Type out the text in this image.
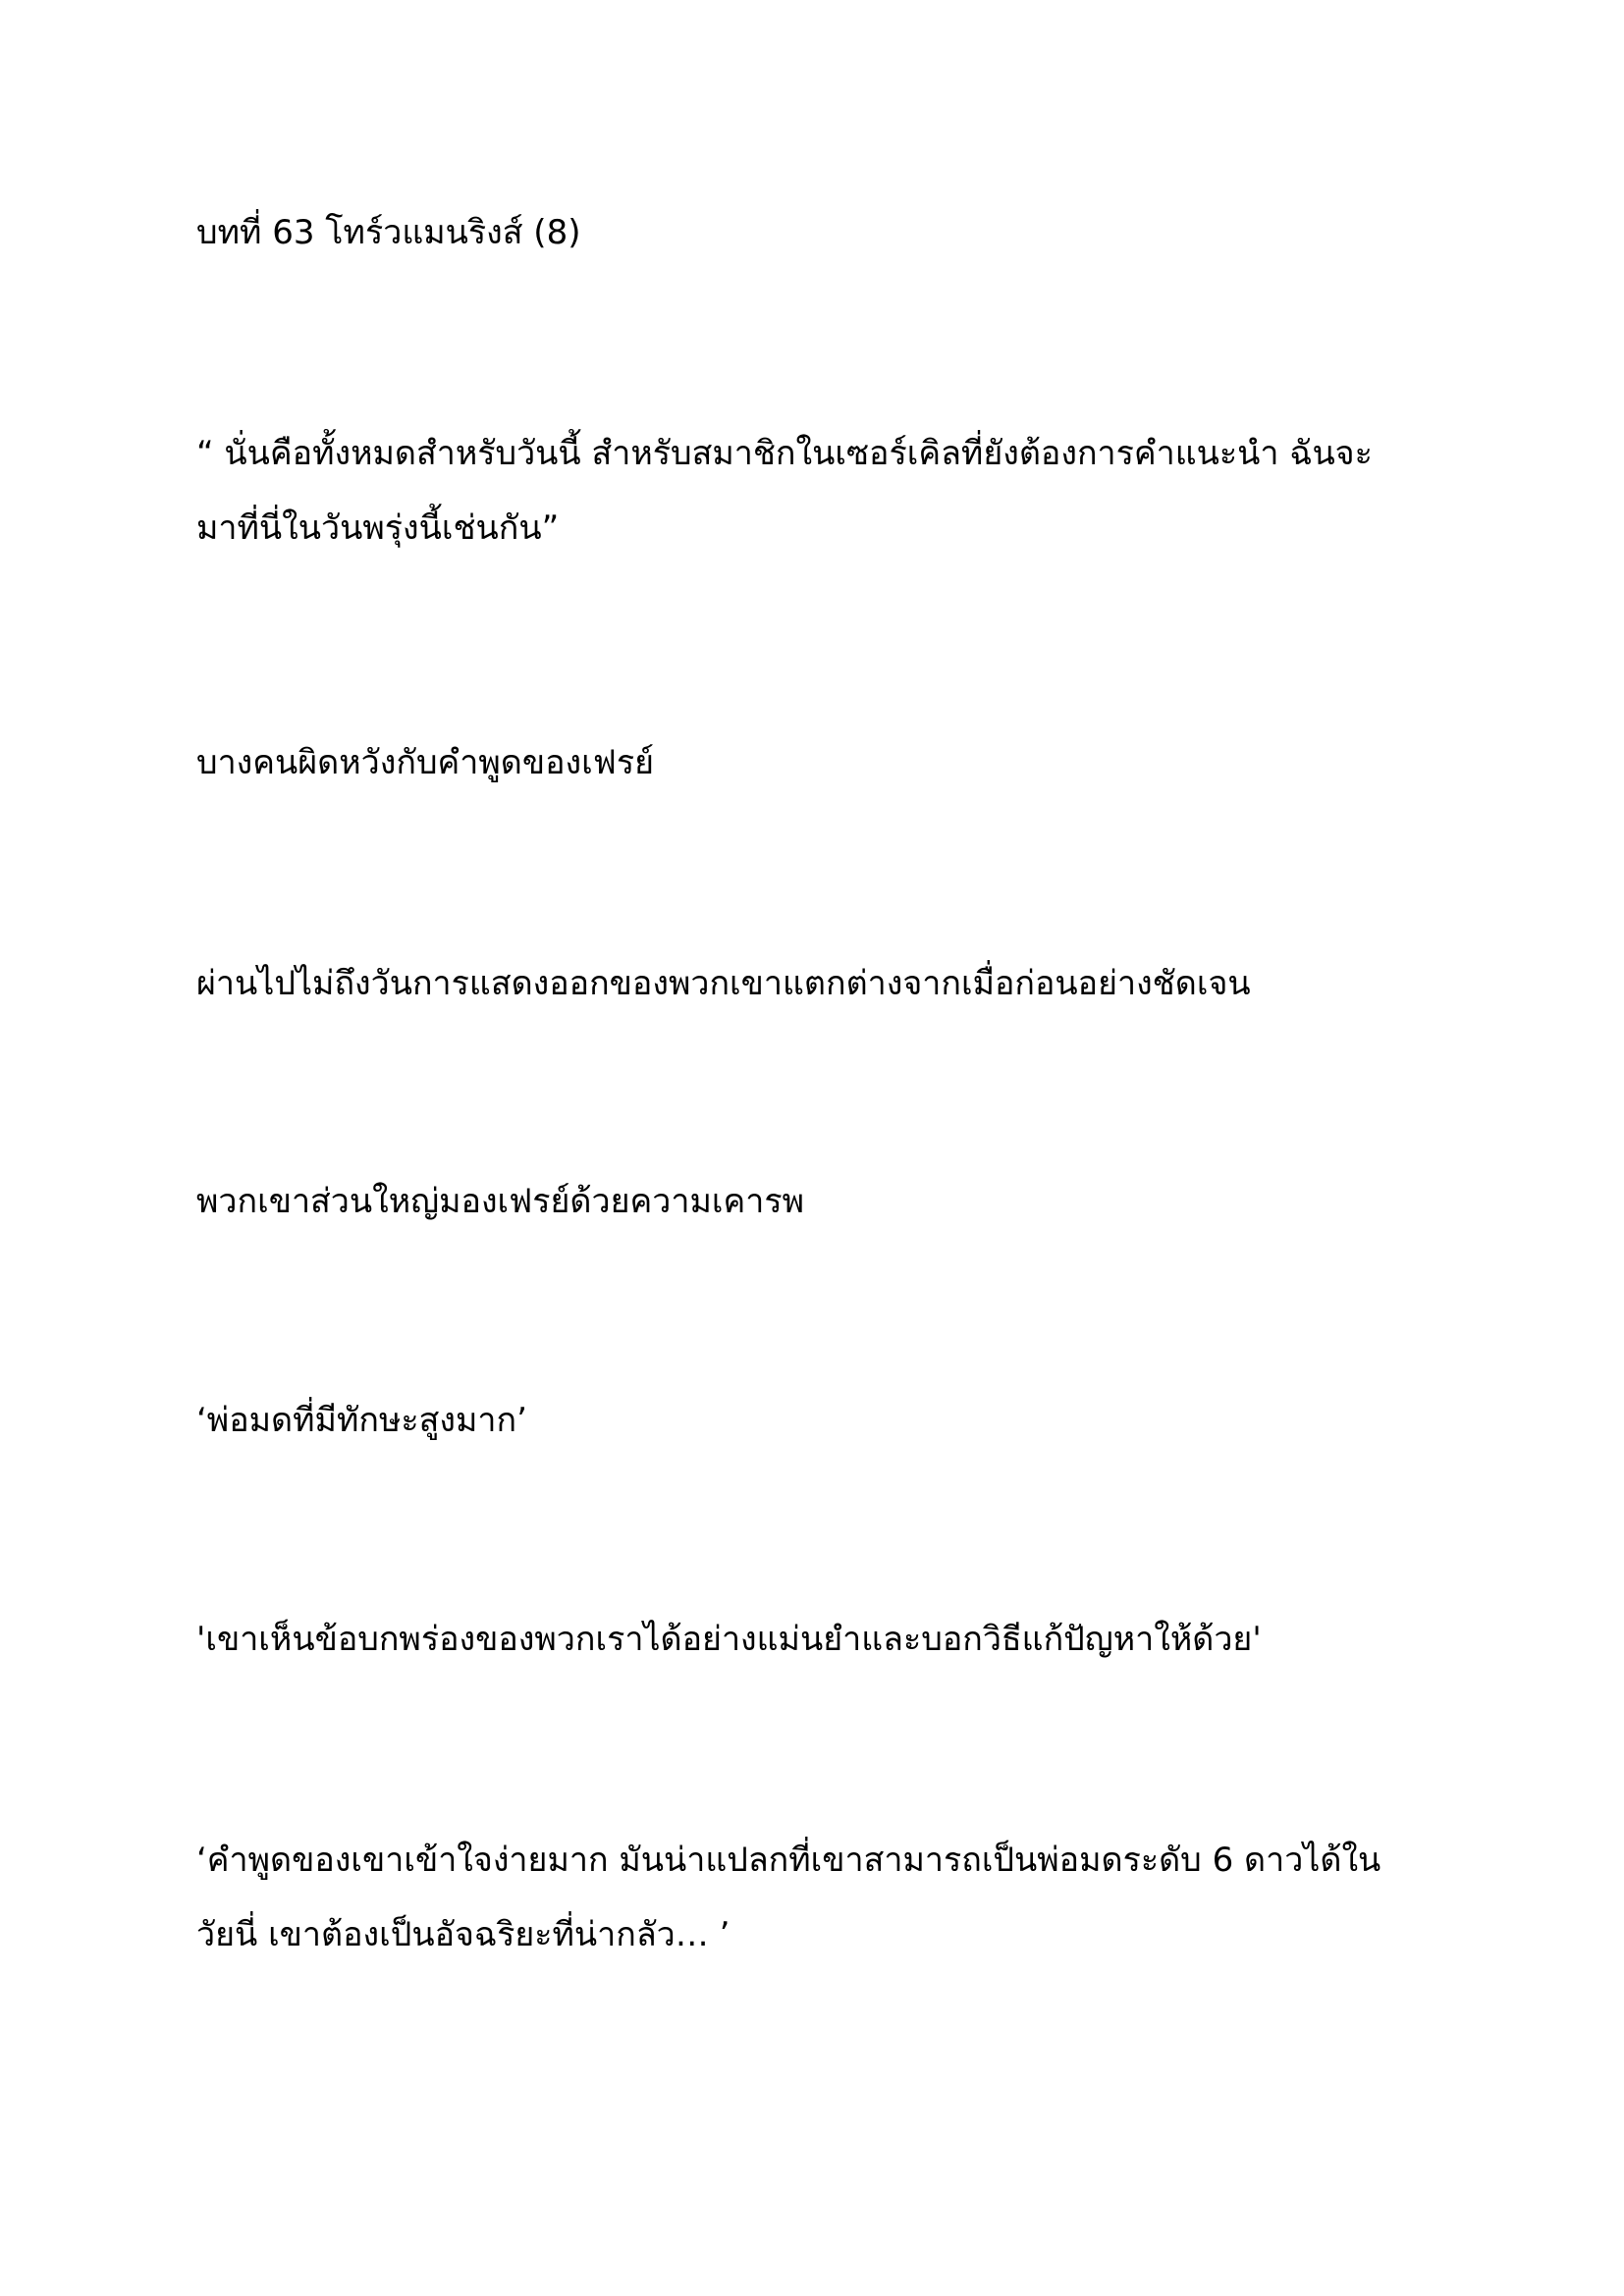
บทที่ 63 โทร์วแมนริงส์ (8)

“ นั่นคือทั้งหมดสำหรับวันนี้ สำหรับสมาชิกในเซอร์เคิลที่ยังต้องการคำแนะนำ ฉันจะ

มาที่นี่ในวันพรุ่งนี้เช่นกัน”

บางคนผิดหวังกับคำพูดของเฟรย์

ผ่านไปไม่ถึงวันการแสดงออกของพวกเขาแตกต่างจากเมื่อก่อนอย่างชัดเจน

พวกเขาส่วนใหญ่มองเฟรย์ด้วยความเคารพ

‘พ่อมดที่มีทักษะสูงมาก’

'เขาเห็นข้อบกพร่องของพวกเราได้อย่างแม่นยำและบอกวิธีแก้ปัญหาให้ด้วย'

‘คำพูดของเขาเข้าใจง่ายมาก มันน่าแปลกที่เขาสามารถเป็นพ่อมดระดับ 6 ดาวได้ใน

วัยนี่ เขาต้องเป็นอัจฉริยะที่น่ากลัว… ’
